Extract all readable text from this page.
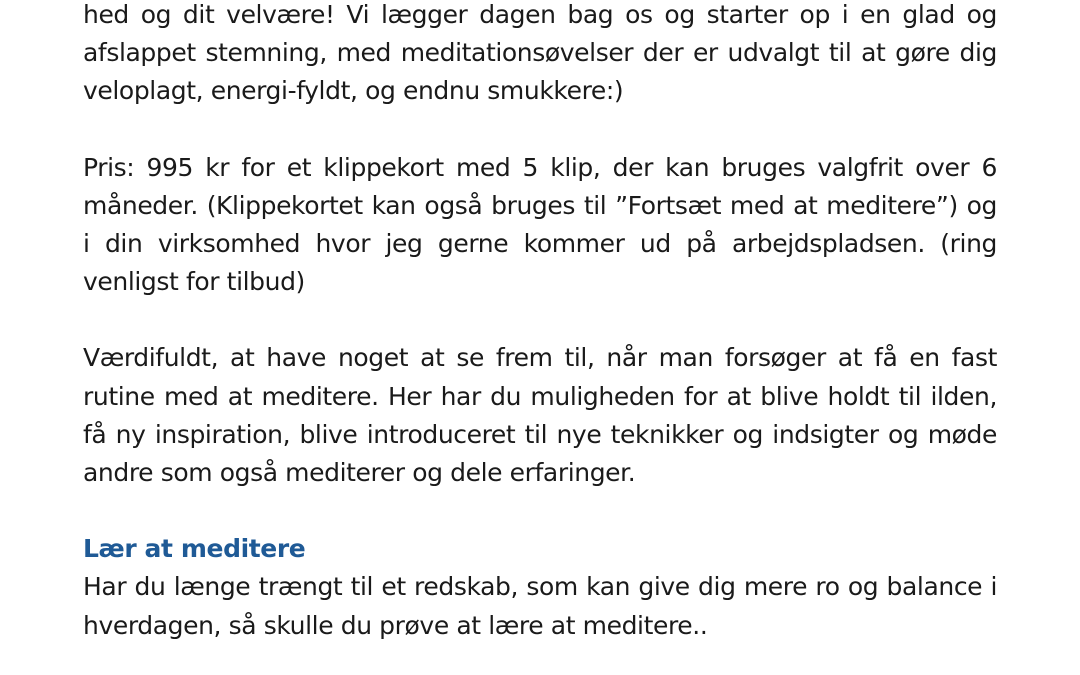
hed og dit velvære! Vi lægger dagen bag os og starter op i en glad og afslappet stemning, med meditationsøvelser der er udvalgt til at gøre dig veloplagt, energi-fyldt, og endnu smukkere:)

Pris: 995 kr for et klippekort med 5 klip, der kan bruges valgfrit over 6 måneder. (Klippekortet kan også bruges til ”Fortsæt med at meditere”) og i din virksomhed hvor jeg gerne kommer ud på arbejdspladsen. (ring venligst for tilbud)

Værdifuldt, at have noget at se frem til, når man forsøger at få en fast rutine med at meditere. Her har du muligheden for at blive holdt til ilden, få ny inspiration, blive introduceret til nye teknikker og indsigter og møde andre som også mediterer og dele erfaringer.

Lær at meditere

Har du længe trængt til et redskab, som kan give dig mere ro og balance i hverdagen, så skulle du prøve at lære at meditere..
